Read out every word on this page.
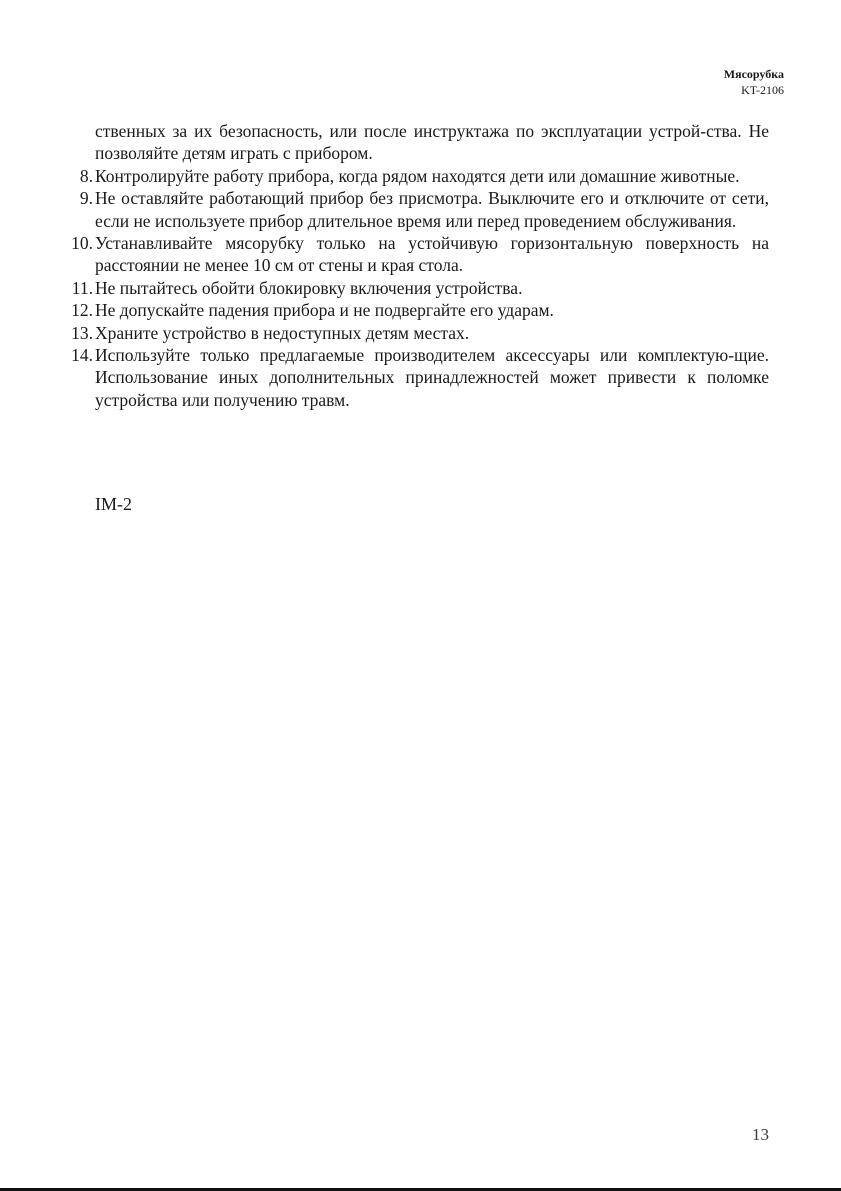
Мясорубка
KT-2106

ственных за их безопасность, или после инструктажа по эксплуатации устрой-ства. Не позволяйте детям играть с прибором.

8. Контролируйте работу прибора, когда рядом находятся дети или домашние животные.

9. Не оставляйте работающий прибор без присмотра. Выключите его и отключите от сети, если не используете прибор длительное время или перед проведением обслуживания.

10. Устанавливайте мясорубку только на устойчивую горизонтальную поверхность на расстоянии не менее 10 см от стены и края стола.

11. Не пытайтесь обойти блокировку включения устройства.

12. Не допускайте падения прибора и не подвергайте его ударам.

13. Храните устройство в недоступных детям местах.

14. Используйте только предлагаемые производителем аксессуары или комплектую-щие. Использование иных дополнительных принадлежностей может привести к поломке устройства или получению травм.

IM-2
13
